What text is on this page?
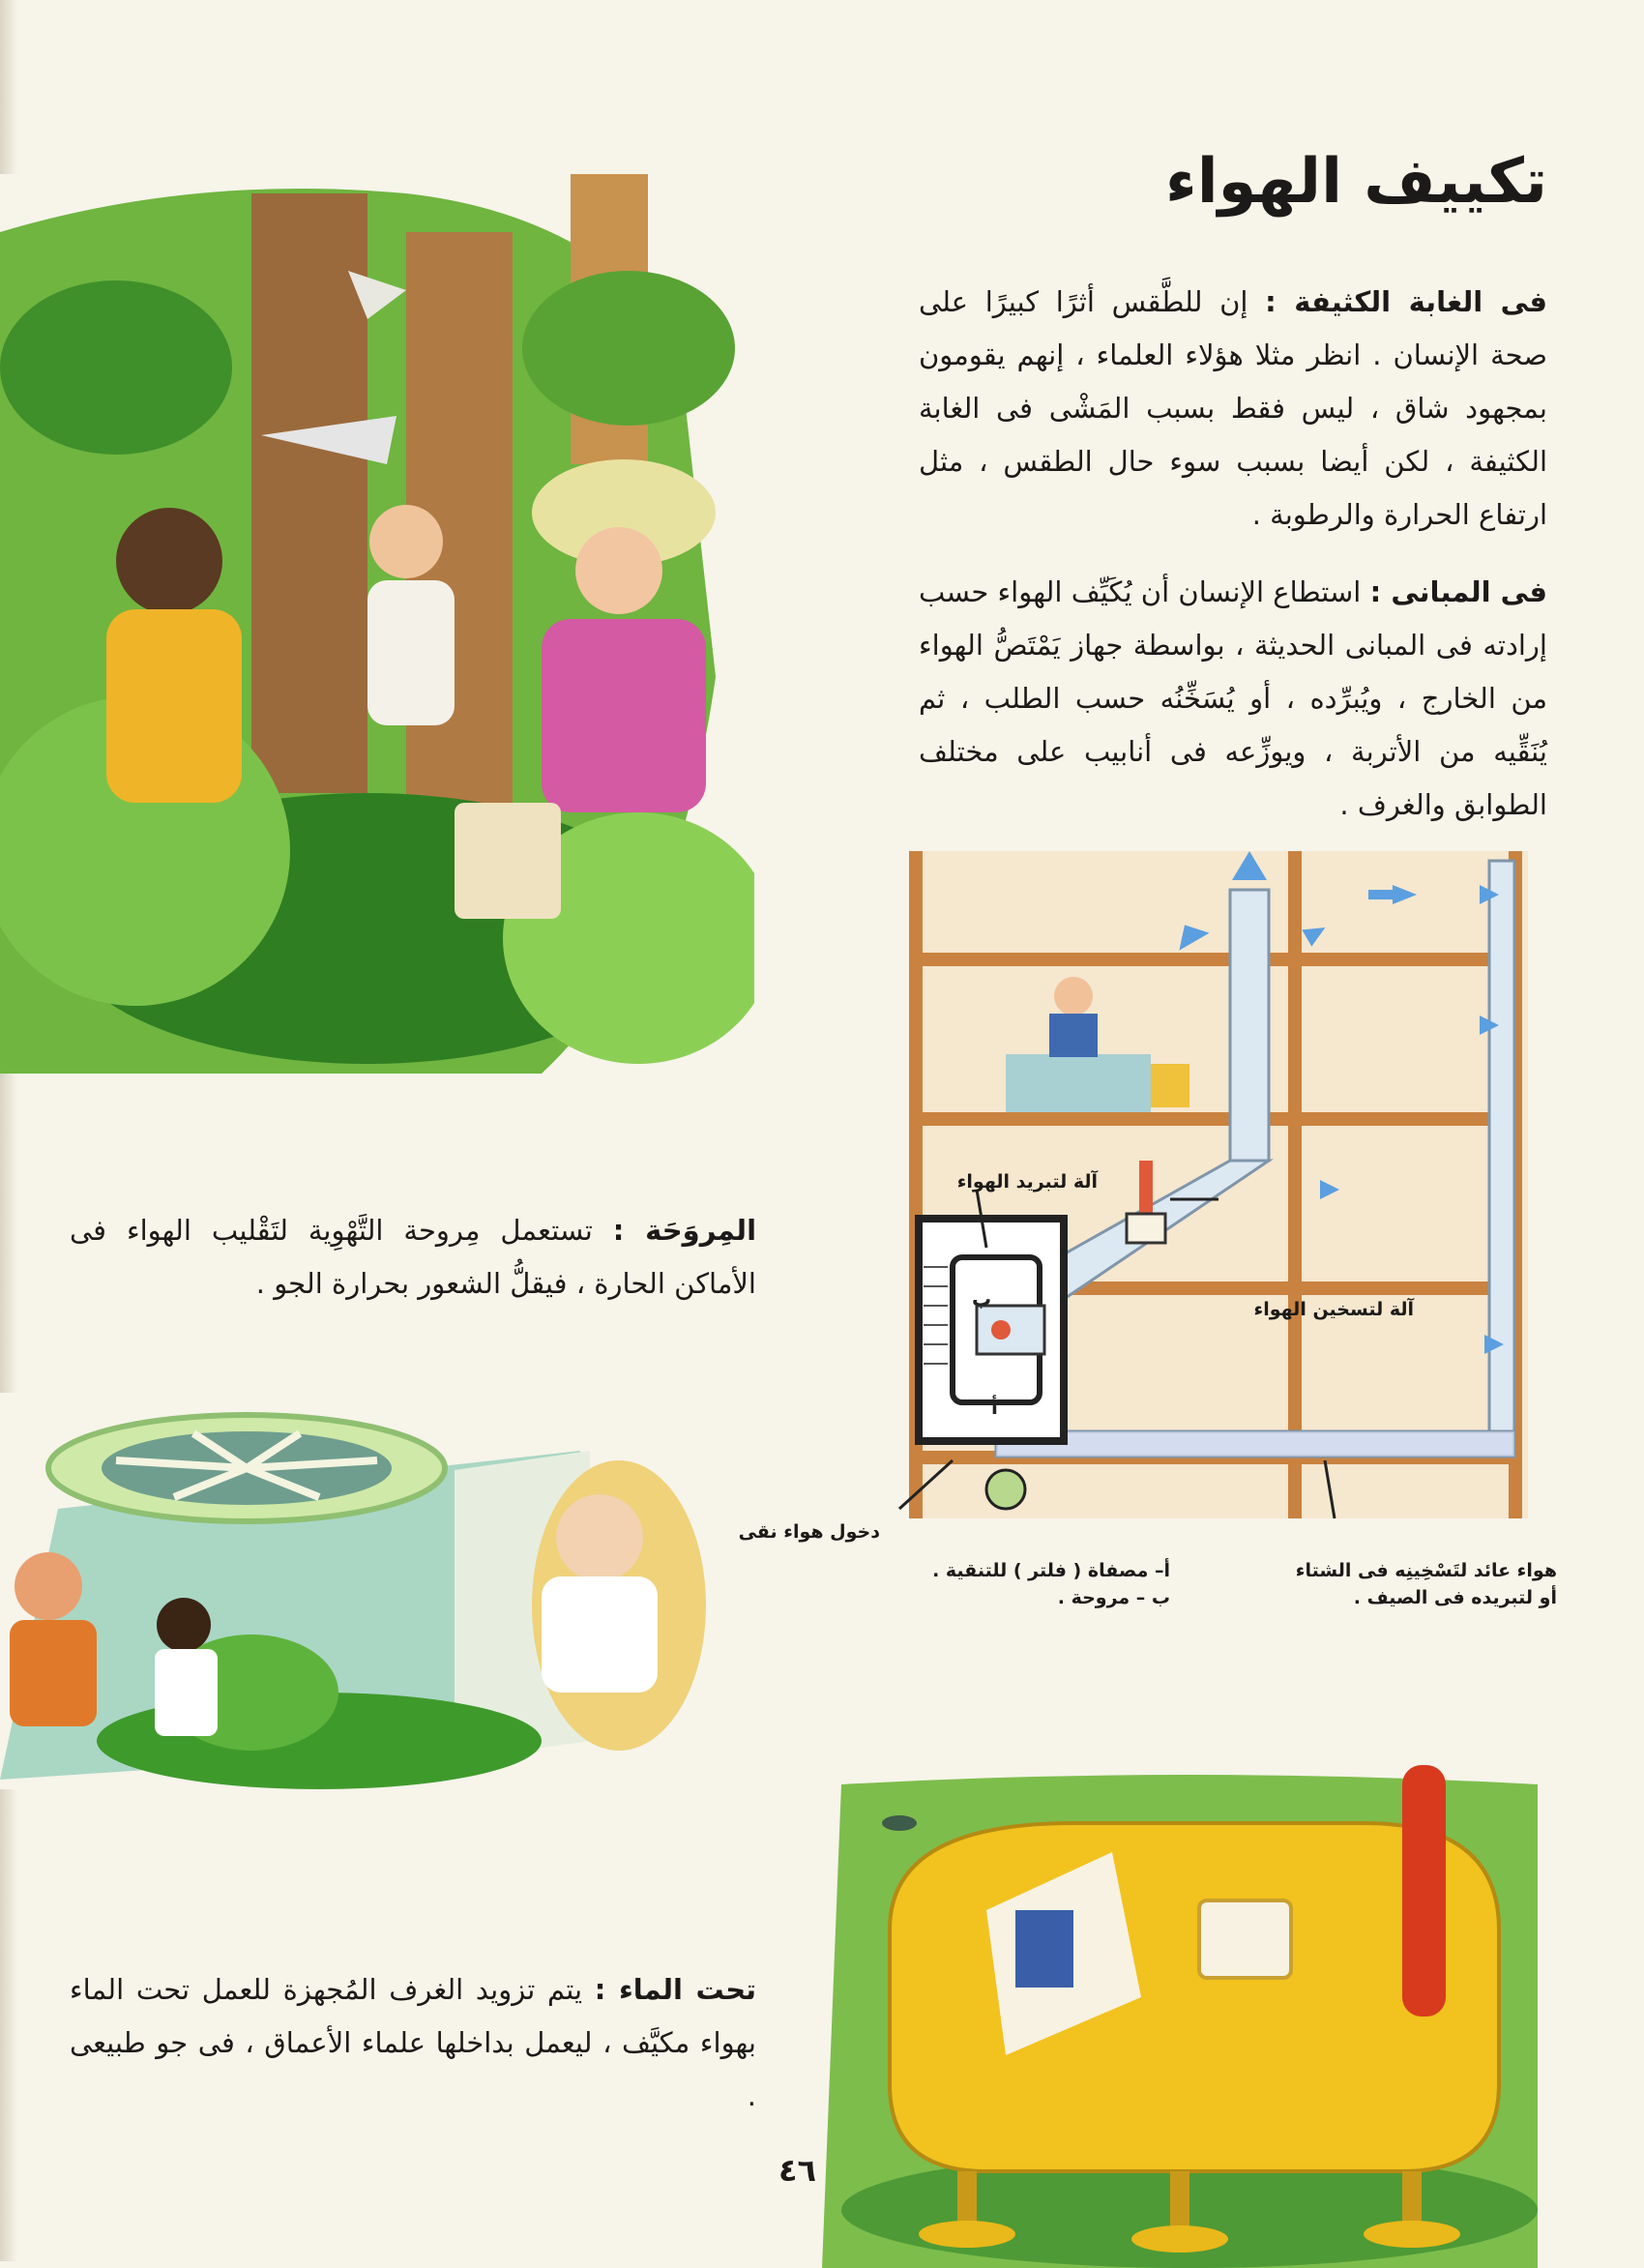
تكييف الهواء
فى الغابة الكثيفة : إن للطَّقس أثرًا كبيرًا على صحة الإنسان . انظر مثلا هؤلاء العلماء ، إنهم يقومون بمجهود شاق ، ليس فقط بسبب المَشْى فى الغابة الكثيفة ، لكن أيضا بسبب سوء حال الطقس ، مثل ارتفاع الحرارة والرطوبة .
فى المبانى : استطاع الإنسان أن يُكَيِّف الهواء حسب إرادته فى المبانى الحديثة ، بواسطة جهاز يَمْتَصُّ الهواء من الخارج ، ويُبرِّده ، أو يُسَخِّنُه حسب الطلب ، ثم يُنَقِّيه من الأتربة ، ويوزِّعه فى أنابيب على مختلف الطوابق والغرف .
المِروَحَة : تستعمل مِروحة التَّهْوِية لتَقْليب الهواء فى الأماكن الحارة ، فيقلُّ الشعور بحرارة الجو .
تحت الماء : يتم تزويد الغرف المُجهزة للعمل تحت الماء بهواء مكيَّف ، ليعمل بداخلها علماء الأعماق ، فى جو طبيعى .
ب
أ
آلة لتبريد الهواء
آلة لتسخين الهواء
دخول هواء نقى
أ– مصفاة ( فلتر ) للتنقية .
ب – مروحة .
هواء عائد لتَسْخِينِه فى الشتاء
أو لتبريده فى الصيف .
٤٦
